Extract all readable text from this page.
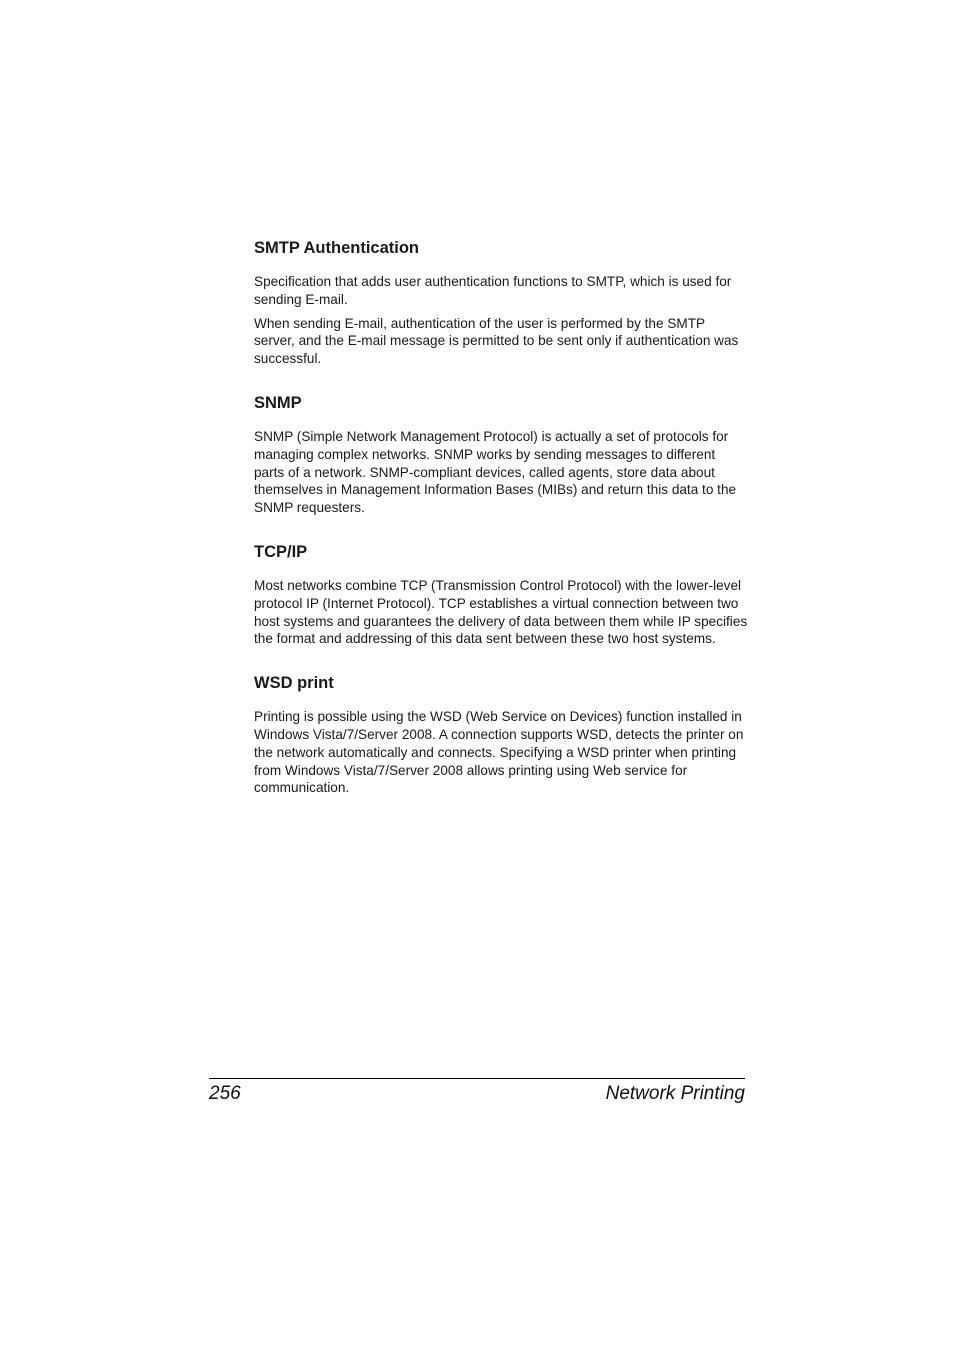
SMTP Authentication

Specification that adds user authentication functions to SMTP, which is used for sending E-mail.

When sending E-mail, authentication of the user is performed by the SMTP server, and the E-mail message is permitted to be sent only if authentication was successful.

SNMP

SNMP (Simple Network Management Protocol) is actually a set of protocols for managing complex networks. SNMP works by sending messages to different parts of a network. SNMP-compliant devices, called agents, store data about themselves in Management Information Bases (MIBs) and return this data to the SNMP requesters.

TCP/IP

Most networks combine TCP (Transmission Control Protocol) with the lower-level protocol IP (Internet Protocol). TCP establishes a virtual connection between two host systems and guarantees the delivery of data between them while IP specifies the format and addressing of this data sent between these two host systems.

WSD print

Printing is possible using the WSD (Web Service on Devices) function installed in Windows Vista/7/Server 2008. A connection supports WSD, detects the printer on the network automatically and connects. Specifying a WSD printer when printing from Windows Vista/7/Server 2008 allows printing using Web service for communication.

256	Network Printing
